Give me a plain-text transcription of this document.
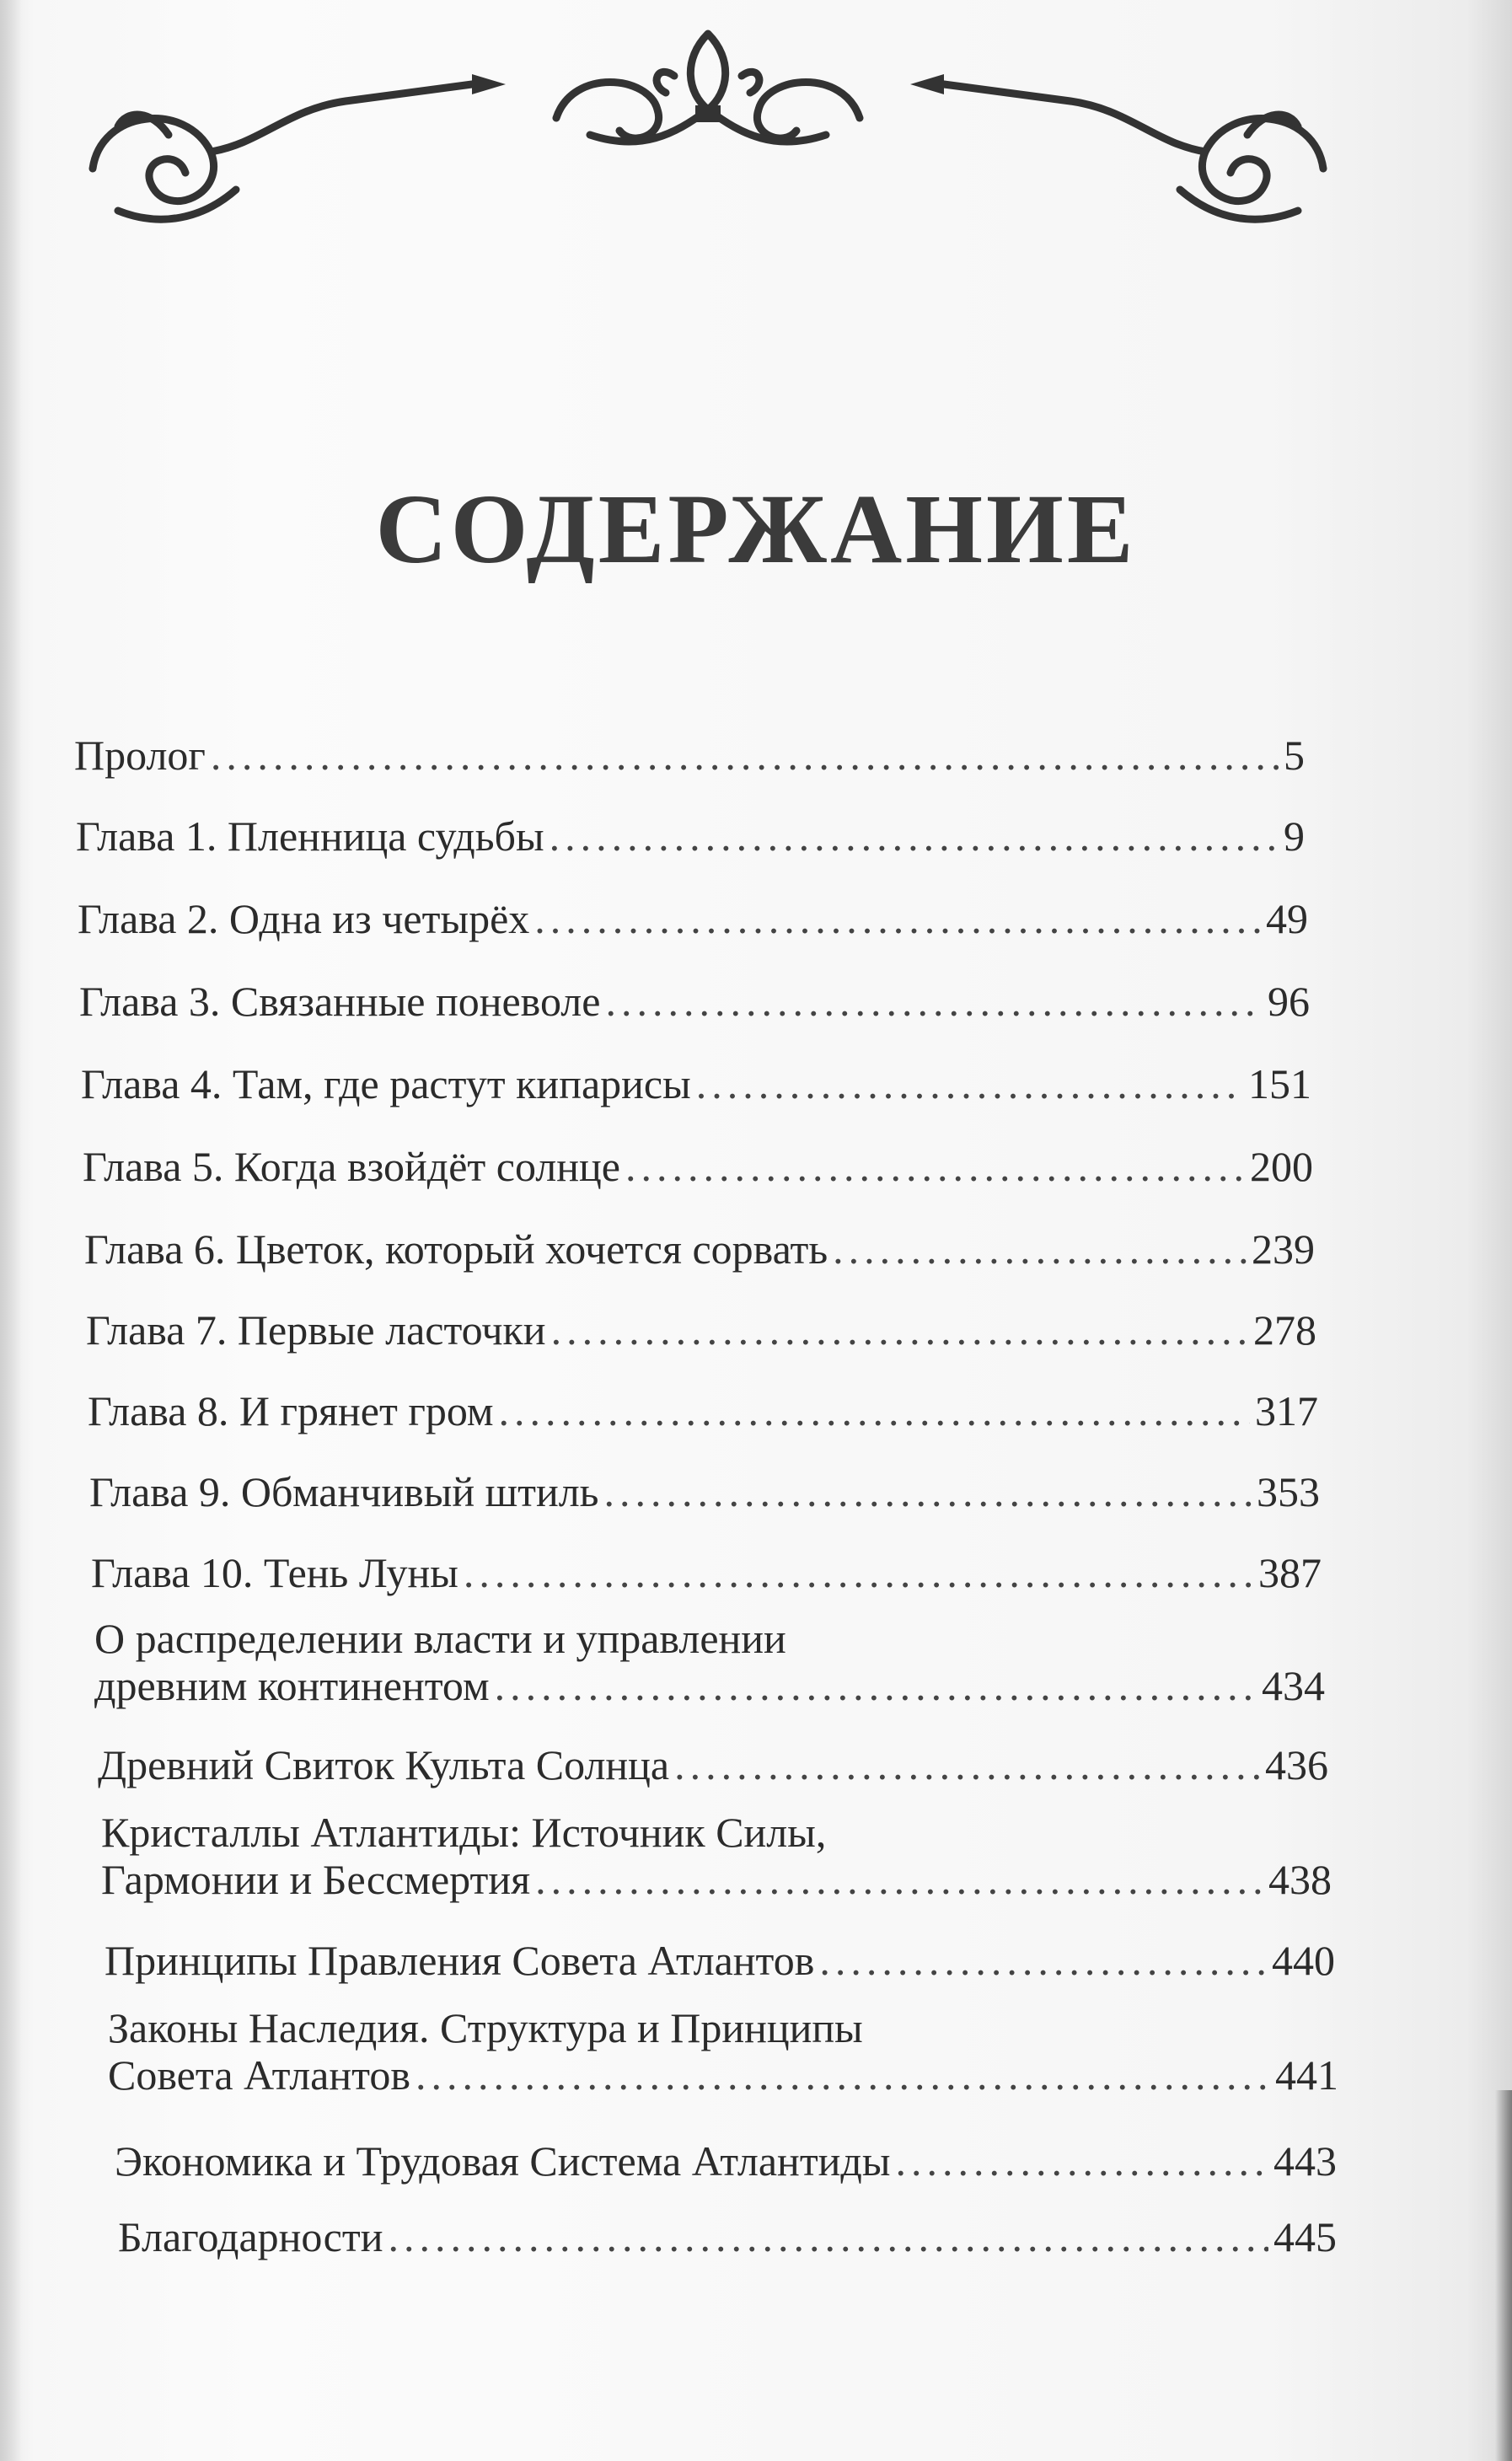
СОДЕРЖАНИЕ
Пролог .....	5
Глава 1. Пленница судьбы .....	9
Глава 2. Одна из четырёх .....	49
Глава 3. Связанные поневоле .....	96
Глава 4. Там, где растут кипарисы .....	151
Глава 5. Когда взойдёт солнце .....	200
Глава 6. Цветок, который хочется сорвать .....	239
Глава 7. Первые ласточки .....	278
Глава 8. И грянет гром .....	317
Глава 9. Обманчивый штиль .....	353
Глава 10. Тень Луны .....	387
О распределении власти и управлении
древним континентом .....	434
Древний Свиток Культа Солнца .....	436
Кристаллы Атлантиды: Источник Силы,
Гармонии и Бессмертия .....	438
Принципы Правления Совета Атлантов .....	440
Законы Наследия. Структура и Принципы
Совета Атлантов .....	441
Экономика и Трудовая Система Атлантиды .....	443
Благодарности .....	445
